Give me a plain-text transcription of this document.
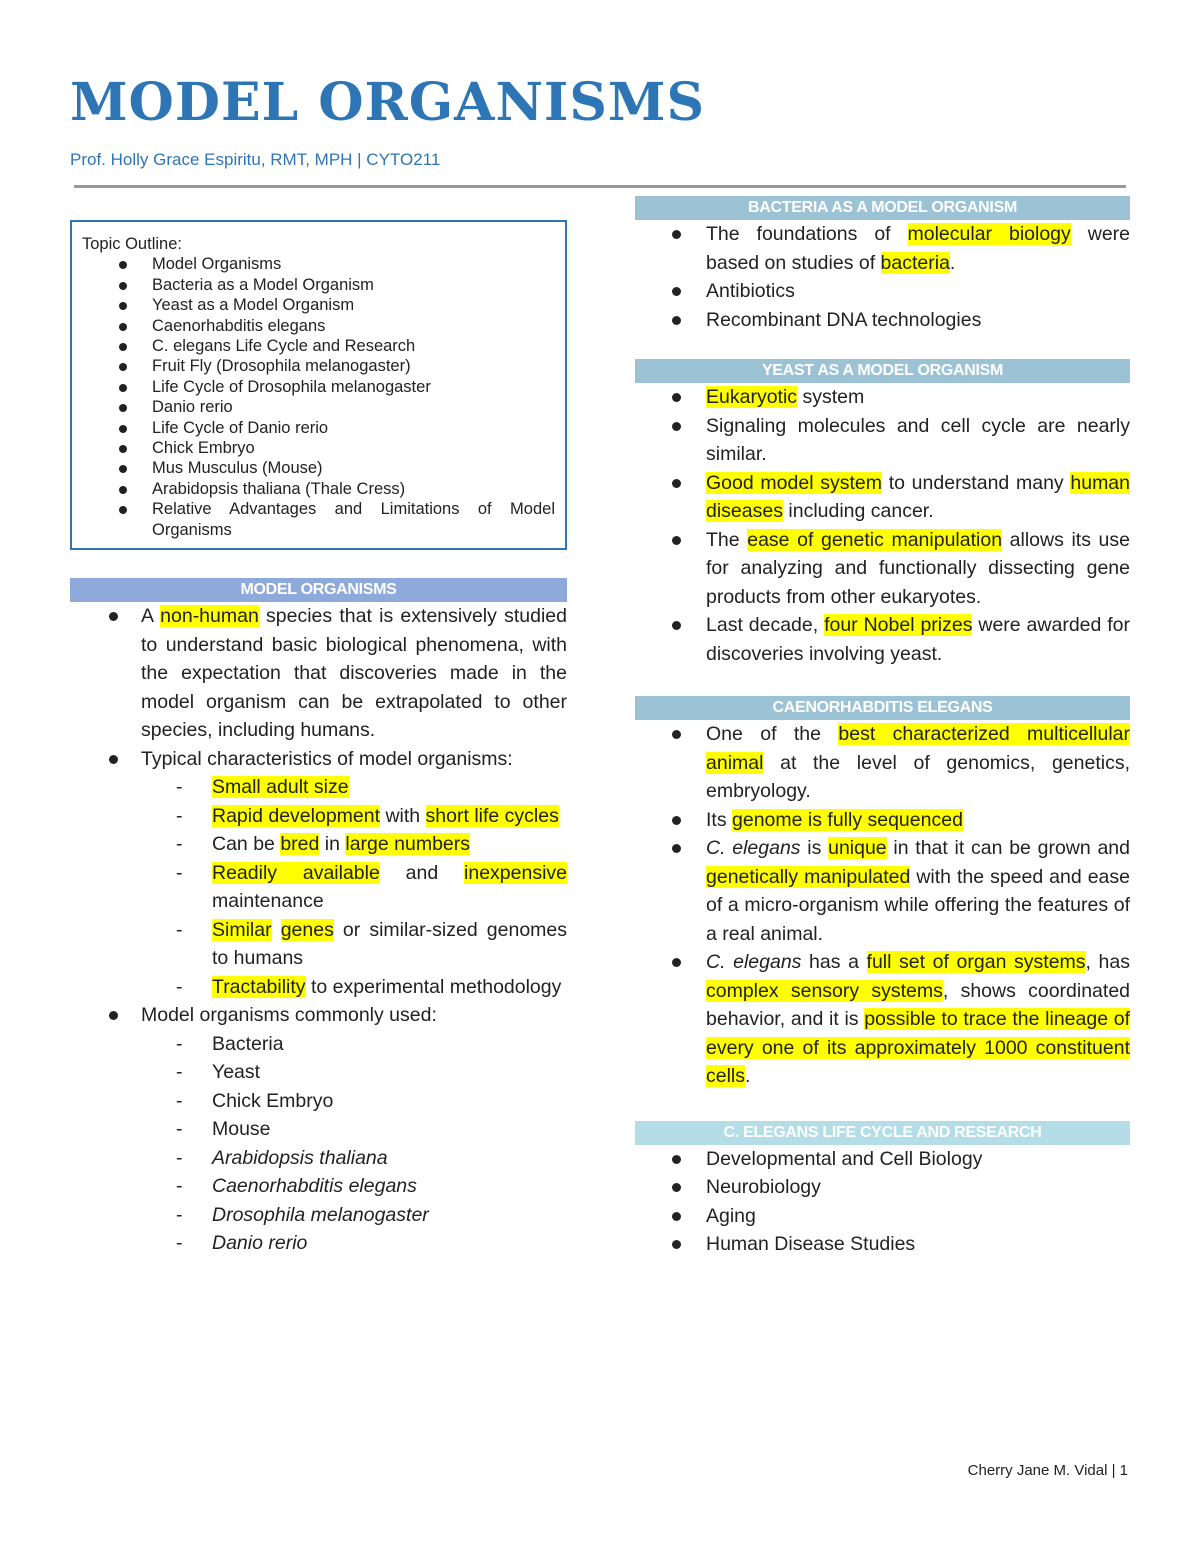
MODEL ORGANISMS
Prof. Holly Grace Espiritu, RMT, MPH | CYTO211
Topic Outline:
Model Organisms
Bacteria as a Model Organism
Yeast as a Model Organism
Caenorhabditis elegans
C. elegans Life Cycle and Research
Fruit Fly (Drosophila melanogaster)
Life Cycle of Drosophila melanogaster
Danio rerio
Life Cycle of Danio rerio
Chick Embryo
Mus Musculus (Mouse)
Arabidopsis thaliana (Thale Cress)
Relative Advantages and Limitations of Model Organisms
MODEL ORGANISMS
A non-human species that is extensively studied to understand basic biological phenomena, with the expectation that discoveries made in the model organism can be extrapolated to other species, including humans.
Typical characteristics of model organisms:
- Small adult size
- Rapid development with short life cycles
- Can be bred in large numbers
- Readily available and inexpensive maintenance
- Similar genes or similar-sized genomes to humans
- Tractability to experimental methodology
Model organisms commonly used:
- Bacteria
- Yeast
- Chick Embryo
- Mouse
- Arabidopsis thaliana
- Caenorhabditis elegans
- Drosophila melanogaster
- Danio rerio
BACTERIA AS A MODEL ORGANISM
The foundations of molecular biology were based on studies of bacteria.
Antibiotics
Recombinant DNA technologies
YEAST AS A MODEL ORGANISM
Eukaryotic system
Signaling molecules and cell cycle are nearly similar.
Good model system to understand many human diseases including cancer.
The ease of genetic manipulation allows its use for analyzing and functionally dissecting gene products from other eukaryotes.
Last decade, four Nobel prizes were awarded for discoveries involving yeast.
CAENORHABDITIS ELEGANS
One of the best characterized multicellular animal at the level of genomics, genetics, embryology.
Its genome is fully sequenced
C. elegans is unique in that it can be grown and genetically manipulated with the speed and ease of a micro-organism while offering the features of a real animal.
C. elegans has a full set of organ systems, has complex sensory systems, shows coordinated behavior, and it is possible to trace the lineage of every one of its approximately 1000 constituent cells.
C. ELEGANS LIFE CYCLE AND RESEARCH
Developmental and Cell Biology
Neurobiology
Aging
Human Disease Studies
Cherry Jane M. Vidal | 1
